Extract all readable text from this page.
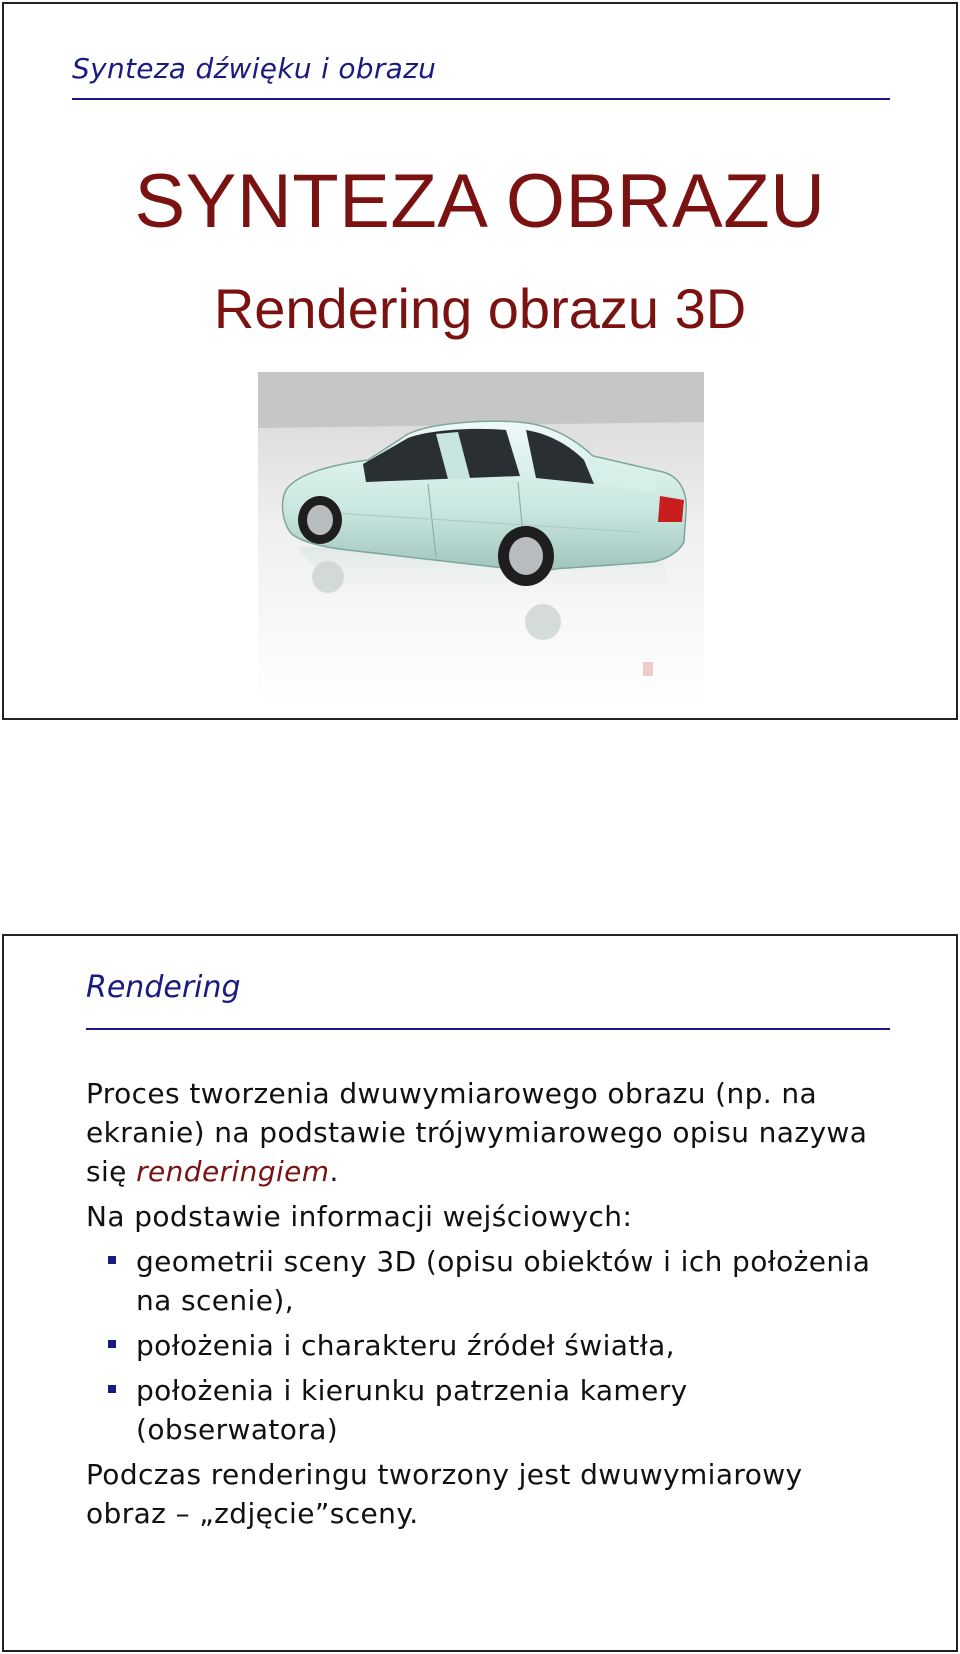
Synteza dźwięku i obrazu
SYNTEZA OBRAZU
Rendering obrazu 3D
Rendering

Proces tworzenia dwuwymiarowego obrazu (np. na ekranie) na podstawie trójwymiarowego opisu nazywa się renderingiem.

Na podstawie informacji wejściowych:

geometrii sceny 3D (opisu obiektów i ich położenia na scenie),
położenia i charakteru źródeł światła,
położenia i kierunku patrzenia kamery (obserwatora)

Podczas renderingu tworzony jest dwuwymiarowy obraz – „zdjęcie”sceny.
